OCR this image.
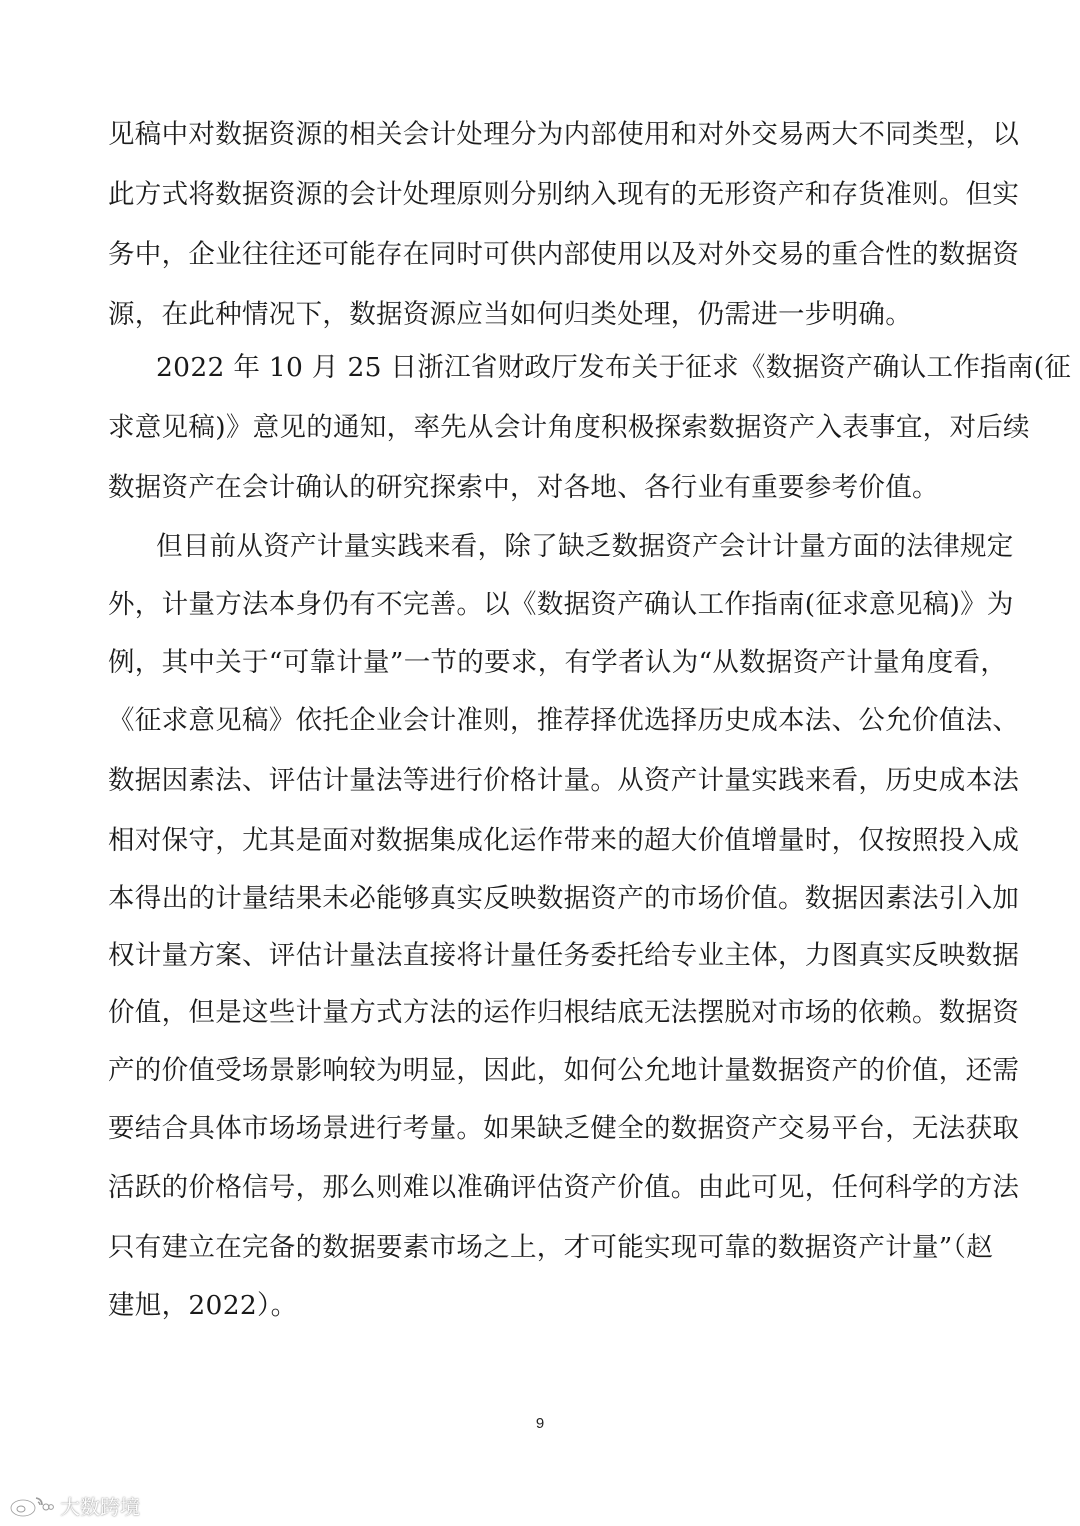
见稿中对数据资源的相关会计处理分为内部使用和对外交易两大不同类型，以
此方式将数据资源的会计处理原则分别纳入现有的无形资产和存货准则。但实
务中，企业往往还可能存在同时可供内部使用以及对外交易的重合性的数据资
源，在此种情况下，数据资源应当如何归类处理，仍需进一步明确。
2022 年 10 月 25 日浙江省财政厅发布关于征求《数据资产确认工作指南(征
求意见稿)》意见的通知，率先从会计角度积极探索数据资产入表事宜，对后续
数据资产在会计确认的研究探索中，对各地、各行业有重要参考价值。
但目前从资产计量实践来看，除了缺乏数据资产会计计量方面的法律规定
外，计量方法本身仍有不完善。以《数据资产确认工作指南(征求意见稿)》为
例，其中关于“可靠计量”一节的要求，有学者认为“从数据资产计量角度看，
《征求意见稿》依托企业会计准则，推荐择优选择历史成本法、公允价值法、
数据因素法、评估计量法等进行价格计量。从资产计量实践来看，历史成本法
相对保守，尤其是面对数据集成化运作带来的超大价值增量时，仅按照投入成
本得出的计量结果未必能够真实反映数据资产的市场价值。数据因素法引入加
权计量方案、评估计量法直接将计量任务委托给专业主体，力图真实反映数据
价值，但是这些计量方式方法的运作归根结底无法摆脱对市场的依赖。数据资
产的价值受场景影响较为明显，因此，如何公允地计量数据资产的价值，还需
要结合具体市场场景进行考量。如果缺乏健全的数据资产交易平台，无法获取
活跃的价格信号，那么则难以准确评估资产价值。由此可见，任何科学的方法
只有建立在完备的数据要素市场之上，才可能实现可靠的数据资产计量”（赵
建旭，2022）。
9
大数跨境
